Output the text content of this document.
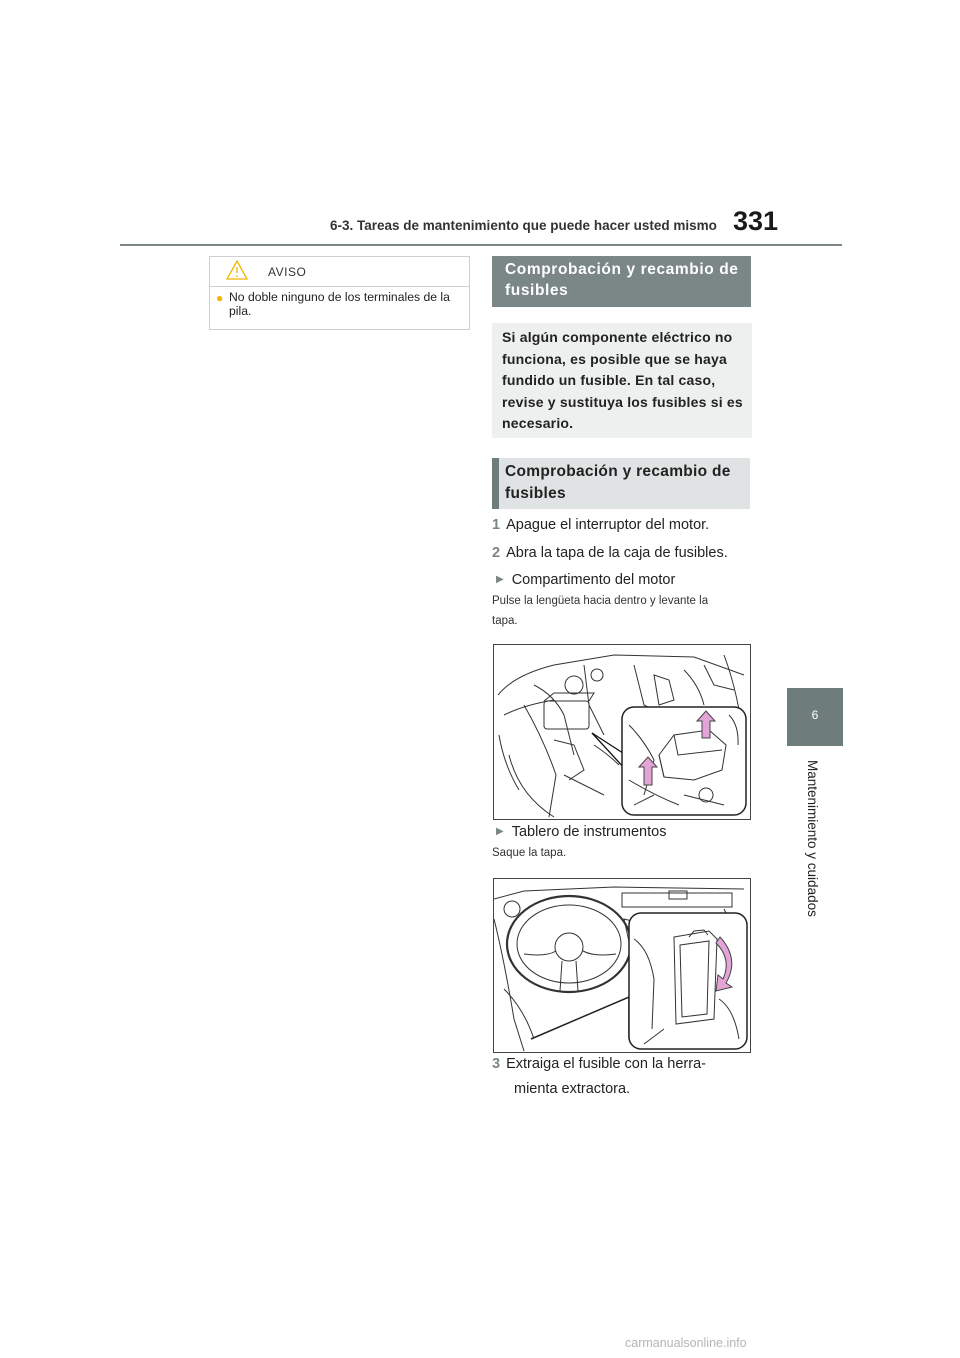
6-3. Tareas de mantenimiento que puede hacer usted mismo 331
6
Mantenimiento y cuidados
AVISO
● No doble ninguno de los terminales de la pila.
Comprobación y recambio de fusibles
Si algún componente eléctrico no funciona, es posible que se haya fundido un fusible. En tal caso, revise y sustituya los fusibles si es necesario.
Comprobación y recambio de fusibles
1 Apague el interruptor del motor.
2 Abra la tapa de la caja de fusibles.
▶ Compartimento del motor
Pulse la lengüeta hacia dentro y levante la
tapa.
▶ Tablero de instrumentos
Saque la tapa.
3 Extraiga el fusible con la herra-
mienta extractora.
carmanualsonline.info
